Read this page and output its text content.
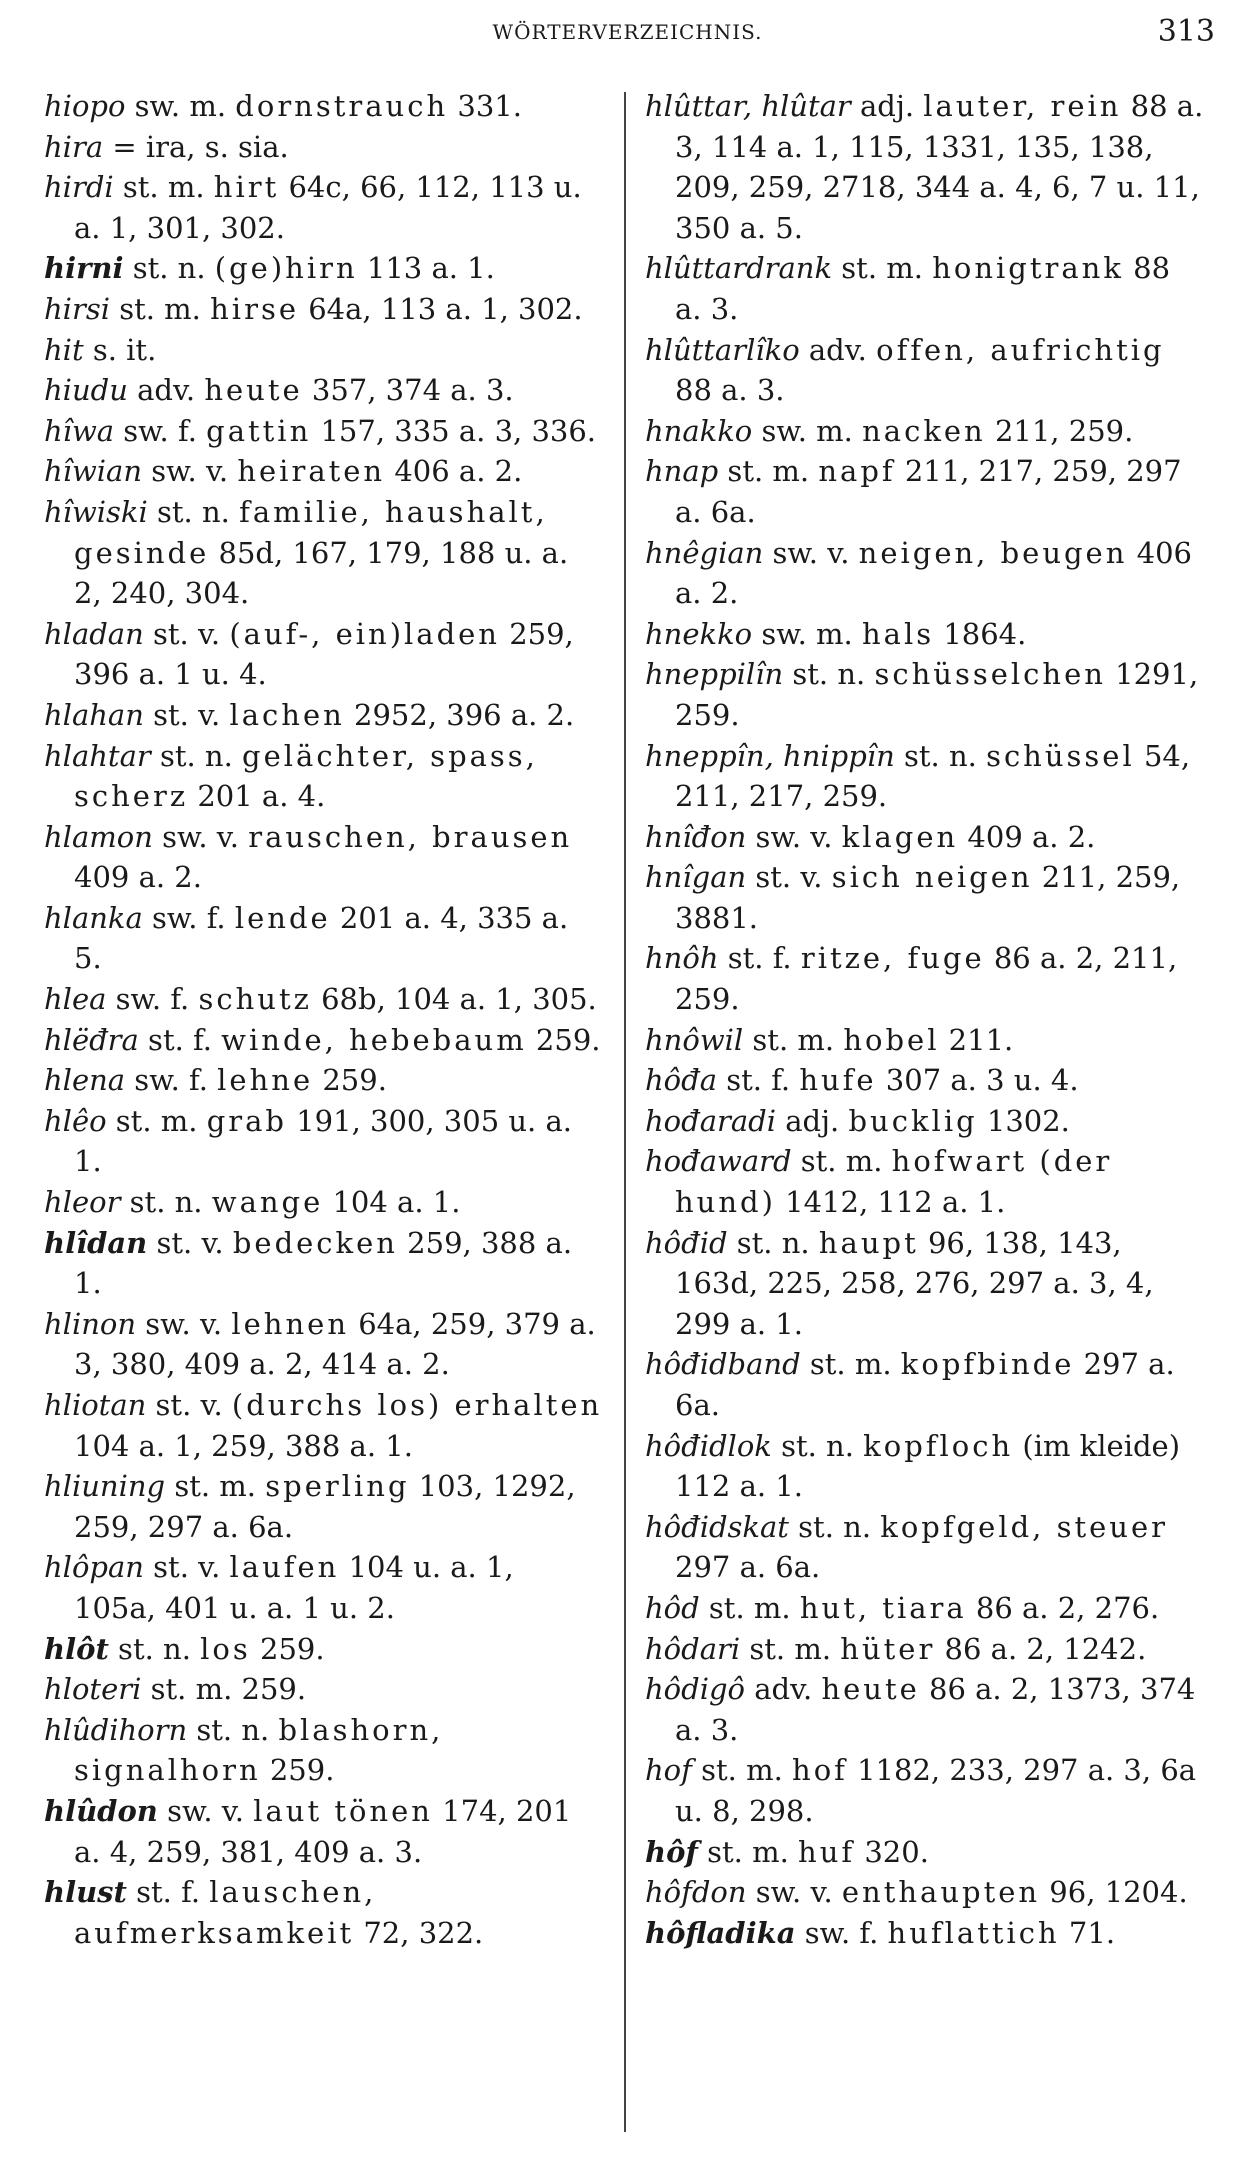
WÖRTERVERZEICHNIS.	313
hiopo sw. m. dornstrauch 331.
hira = ira, s. sia.
hirdi st. m. hirt 64c, 66, 112, 113 u. a. 1, 301, 302.
hirni st. n. (ge)hirn 113 a. 1.
hirsi st. m. hirse 64a, 113 a. 1, 302.
hit s. it.
hiudu adv. heute 357, 374 a. 3.
hîwa sw. f. gattin 157, 335 a. 3, 336.
hîwian sw. v. heiraten 406 a. 2.
hîwiski st. n. familie, haushalt, gesinde 85d, 167, 179, 188 u. a. 2, 240, 304.
hladan st. v. (auf-, ein)laden 259, 396 a. 1 u. 4.
hlahan st. v. lachen 2952, 396 a. 2.
hlahtar st. n. gelächter, spass, scherz 201 a. 4.
hlamon sw. v. rauschen, brausen 409 a. 2.
hlanka sw. f. lende 201 a. 4, 335 a. 5.
hlea sw. f. schutz 68b, 104 a. 1, 305.
hlëđra st. f. winde, hebebaum 259.
hlena sw. f. lehne 259.
hlêo st. m. grab 191, 300, 305 u. a. 1.
hleor st. n. wange 104 a. 1.
hlîdan st. v. bedecken 259, 388 a. 1.
hlinon sw. v. lehnen 64a, 259, 379 a. 3, 380, 409 a. 2, 414 a. 2.
hliotan st. v. (durchs los) erhalten 104 a. 1, 259, 388 a. 1.
hliuning st. m. sperling 103, 1292, 259, 297 a. 6a.
hlôpan st. v. laufen 104 u. a. 1, 105a, 401 u. a. 1 u. 2.
hlôt st. n. los 259.
hloteri st. m. 259.
hlûdihorn st. n. blashorn, signalhorn 259.
hlûdon sw. v. laut tönen 174, 201 a. 4, 259, 381, 409 a. 3.
hlust st. f. lauschen, aufmerksamkeit 72, 322.
hlûttar, hlûtar adj. lauter, rein 88 a. 3, 114 a. 1, 115, 1331, 135, 138, 209, 259, 2718, 344 a. 4, 6, 7 u. 11, 350 a. 5.
hlûttardrank st. m. honigtrank 88 a. 3.
hlûttarlîko adv. offen, aufrichtig 88 a. 3.
hnakko sw. m. nacken 211, 259.
hnap st. m. napf 211, 217, 259, 297 a. 6a.
hnêgian sw. v. neigen, beugen 406 a. 2.
hnekko sw. m. hals 1864.
hneppilîn st. n. schüsselchen 1291, 259.
hneppîn, hnippîn st. n. schüssel 54, 211, 217, 259.
hnîđon sw. v. klagen 409 a. 2.
hnîgan st. v. sich neigen 211, 259, 3881.
hnôh st. f. ritze, fuge 86 a. 2, 211, 259.
hnôwil st. m. hobel 211.
hôđa st. f. hufe 307 a. 3 u. 4.
hođaradi adj. bucklig 1302.
hođaward st. m. hofwart (der hund) 1412, 112 a. 1.
hôđid st. n. haupt 96, 138, 143, 163d, 225, 258, 276, 297 a. 3, 4, 299 a. 1.
hôđidband st. m. kopfbinde 297 a. 6a.
hôđidlok st. n. kopfloch (im kleide) 112 a. 1.
hôđidskat st. n. kopfgeld, steuer 297 a. 6a.
hôd st. m. hut, tiara 86 a. 2, 276.
hôdari st. m. hüter 86 a. 2, 1242.
hôdigô adv. heute 86 a. 2, 1373, 374 a. 3.
hof st. m. hof 1182, 233, 297 a. 3, 6a u. 8, 298.
hôf st. m. huf 320.
hôfdon sw. v. enthaupten 96, 1204.
hôfladika sw. f. huflattich 71.
